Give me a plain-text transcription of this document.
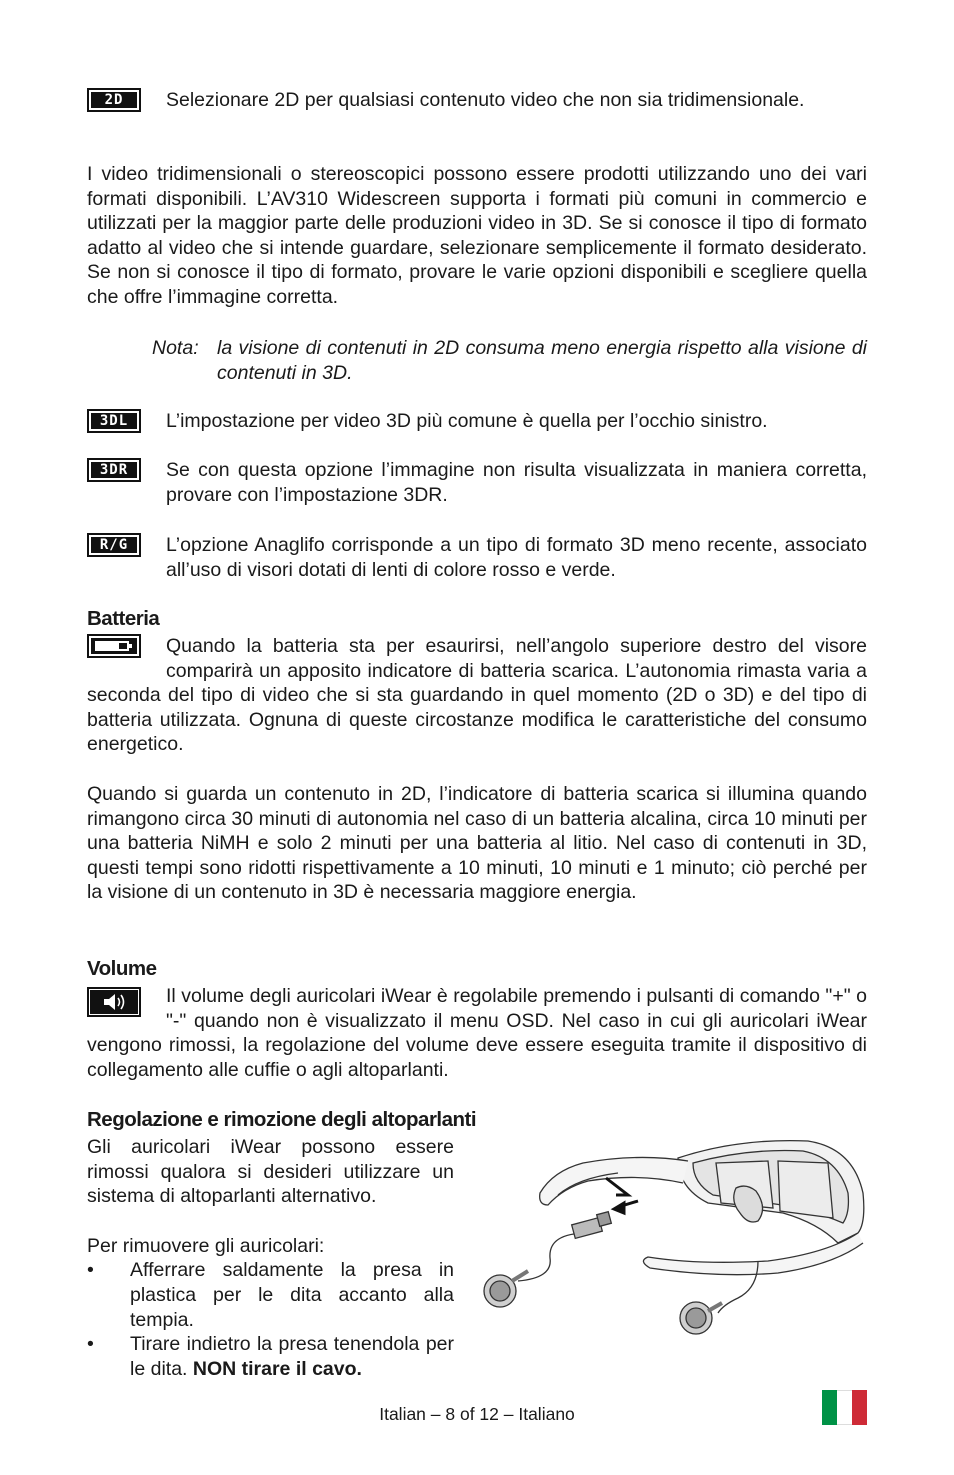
2D	Selezionare 2D per qualsiasi contenuto video che non sia tridimensionale.

I video tridimensionali o stereoscopici possono essere prodotti utilizzando uno dei vari formati disponibili. L’AV310 Widescreen supporta i formati più comuni in commercio e utilizzati per la maggior parte delle produzioni video in 3D. Se si conosce il tipo di formato adatto al video che si intende guardare, selezionare semplicemente il formato desiderato. Se non si conosce il tipo di formato, provare le varie opzioni disponibili e scegliere quella che offre l’immagine corretta.

Nota: la visione di contenuti in 2D consuma meno energia rispetto alla visione di contenuti in 3D.
3DL	L’impostazione per video 3D più comune è quella per l’occhio sinistro.

3DR	Se con questa opzione l’immagine non risulta visualizzata in maniera corretta, provare con l’impostazione 3DR.

R/G	L’opzione Anaglifo corrisponde a un tipo di formato 3D meno recente, associato all’uso di visori dotati di lenti di colore rosso e verde.

Batteria
Quando la batteria sta per esaurirsi, nell’angolo superiore destro del visore comparirà un apposito indicatore di batteria scarica. L’autonomia rimasta varia a seconda del tipo di video che si sta guardando in quel momento (2D o 3D) e del tipo di batteria utilizzata. Ognuna di queste circostanze modifica le caratteristiche del consumo energetico.

Quando si guarda un contenuto in 2D, l’indicatore di batteria scarica si illumina quando rimangono circa 30 minuti di autonomia nel caso di un batteria alcalina, circa 10 minuti per una batteria NiMH e solo 2 minuti per una batteria al litio. Nel caso di contenuti in 3D, questi tempi sono ridotti rispettivamente a 10 minuti, 10 minuti e 1 minuto; ciò perché per la visione di un contenuto in 3D è necessaria maggiore energia.

Volume
Il volume degli auricolari iWear è regolabile premendo i pulsanti di comando "+" o "-" quando non è visualizzato il menu OSD. Nel caso in cui gli auricolari iWear vengono rimossi, la regolazione del volume deve essere eseguita tramite il dispositivo di collegamento alle cuffie o agli altoparlanti.
Regolazione e rimozione degli altoparlanti

Gli auricolari iWear possono essere rimossi qualora si desideri utilizzare un sistema di altoparlanti alternativo.

Per rimuovere gli auricolari:

•	Afferrare saldamente la presa in plastica per le dita accanto alla tempia.
•	Tirare indietro la presa tenendola per le dita. NON tirare il cavo.
Italian – 8 of 12 – Italiano
